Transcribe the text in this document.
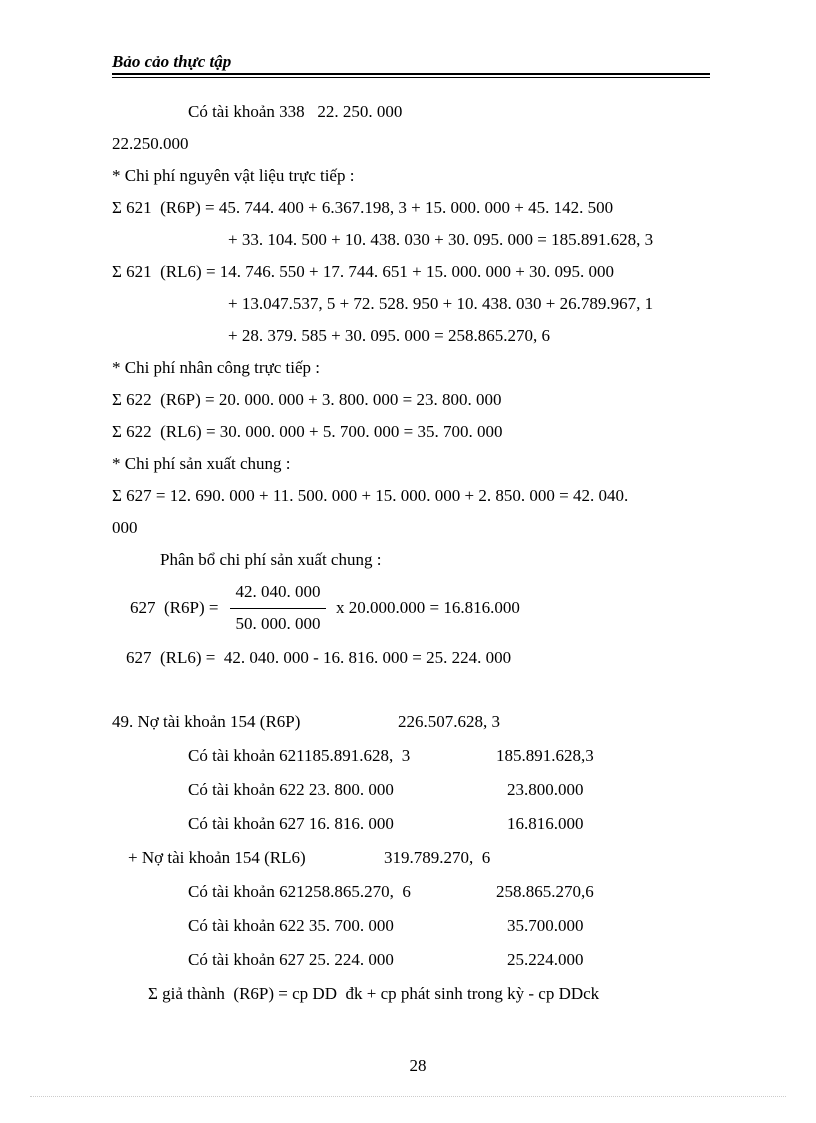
Bảo cảo thực tập
Có tài khoản 338   22. 250. 000
22.250.000
* Chi phí nguyên vật liệu trực tiếp :
Σ 621  (R6P) = 45. 744. 400 + 6.367.198, 3 + 15. 000. 000 + 45. 142. 500
+ 33. 104. 500 + 10. 438. 030 + 30. 095. 000 = 185.891.628, 3
Σ 621  (RL6) = 14. 746. 550 + 17. 744. 651 + 15. 000. 000 + 30. 095. 000
+ 13.047.537, 5 + 72. 528. 950 + 10. 438. 030 + 26.789.967, 1
+ 28. 379. 585 + 30. 095. 000 = 258.865.270, 6
* Chi phí nhân công trực tiếp :
Σ 622  (R6P) = 20. 000. 000 + 3. 800. 000 = 23. 800. 000
Σ 622  (RL6) = 30. 000. 000 + 5. 700. 000 = 35. 700. 000
* Chi phí sản xuất chung :
Σ 627 = 12. 690. 000 + 11. 500. 000 + 15. 000. 000 + 2. 850. 000 = 42. 040.
000
Phân bổ chi phí sản xuất chung :
627  (R6P) =
42. 040. 000
50. 000. 000
x 20.000.000 = 16.816.000
627  (RL6) =  42. 040. 000 - 16. 816. 000 = 25. 224. 000
49. Nợ tài khoản 154 (R6P)	226.507.628, 3
Có tài khoản 621185.891.628,  3	185.891.628,3
Có tài khoản 622 23. 800. 000	23.800.000
Có tài khoản 627 16. 816. 000	16.816.000
+ Nợ tài khoản 154 (RL6)	319.789.270,  6
Có tài khoản 621258.865.270,  6	258.865.270,6
Có tài khoản 622 35. 700. 000	35.700.000
Có tài khoản 627 25. 224. 000	25.224.000
Σ giả thành  (R6P) = cp DD  đk + cp phát sinh trong kỳ - cp DDck
28
